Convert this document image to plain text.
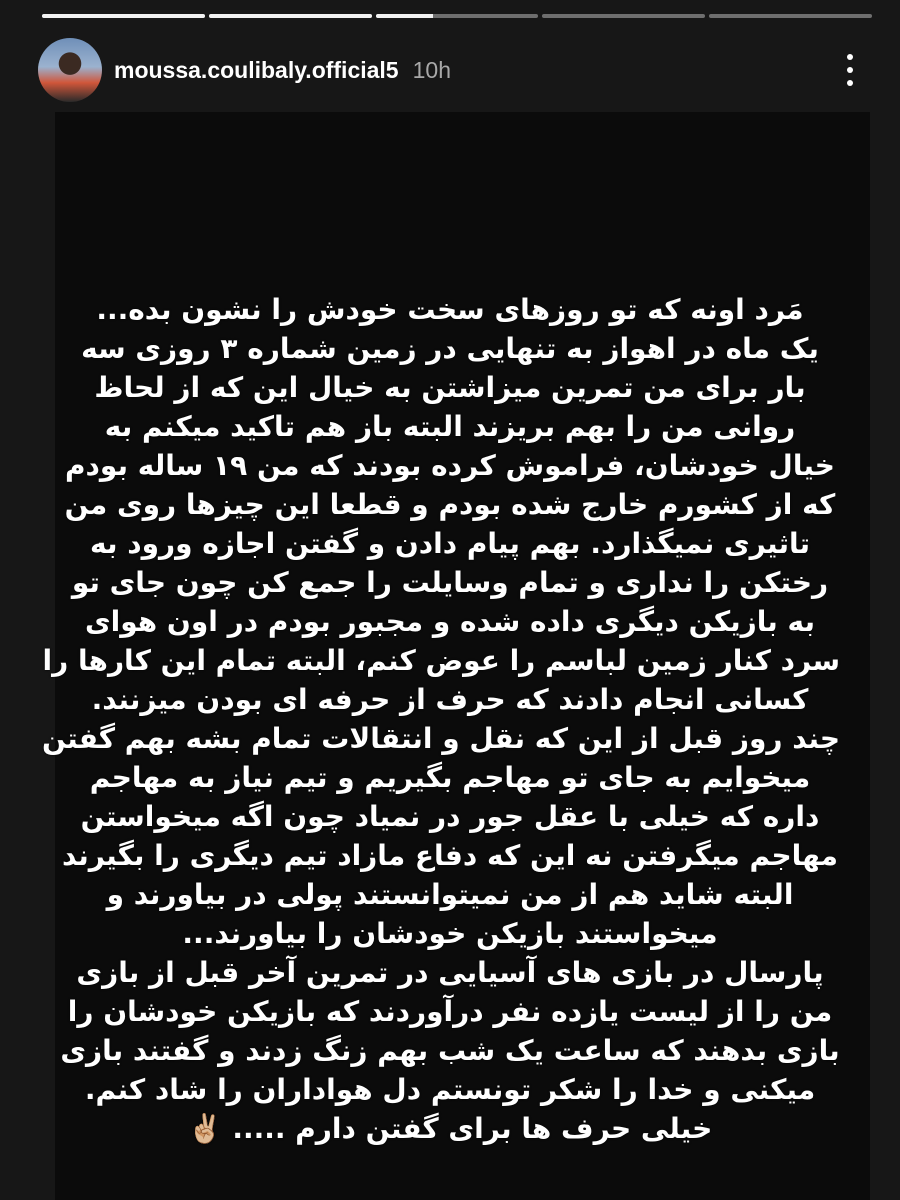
moussa.coulibaly.official5 10h
مَرد اونه که تو روزهای سخت خودش را نشون بده...
یک ماه در اهواز به تنهایی در زمین شماره ۳ روزی سه
بار برای من تمرین میزاشتن به خیال این که از لحاظ
روانی من را بهم بریزند البته باز هم تاکید میکنم به
خیال خودشان، فراموش کرده بودند که من ۱۹ ساله بودم
که از کشورم خارج شده بودم و قطعا این چیزها روی من
تاثیری نمیگذارد. بهم پیام دادن و گفتن اجازه ورود به
رختکن را نداری و تمام وسایلت را جمع کن چون جای تو
به بازیکن دیگری داده شده و مجبور بودم در اون هوای
سرد کنار زمین لباسم را عوض کنم، البته تمام این کارها را
کسانی انجام دادند که حرف از حرفه ای بودن میزنند.
چند روز قبل از این که نقل و انتقالات تمام بشه بهم گفتن
میخوایم به جای تو مهاجم بگیریم و تیم نیاز به مهاجم
داره که خیلی با عقل جور در نمیاد چون اگه میخواستن
مهاجم میگرفتن نه این که دفاع مازاد تیم دیگری را بگیرند
البته شاید هم از من نمیتوانستند پولی در بیاورند و
میخواستند بازیکن خودشان را بیاورند...
پارسال در بازی های آسیایی در تمرین آخر قبل از بازی
من را از لیست یازده نفر درآوردند که بازیکن خودشان را
بازی بدهند که ساعت یک شب بهم زنگ زدند و گفتند بازی
میکنی و خدا را شکر تونستم دل هواداران را شاد کنم.
خیلی حرف ها برای گفتن دارم ..... ✌🏼
